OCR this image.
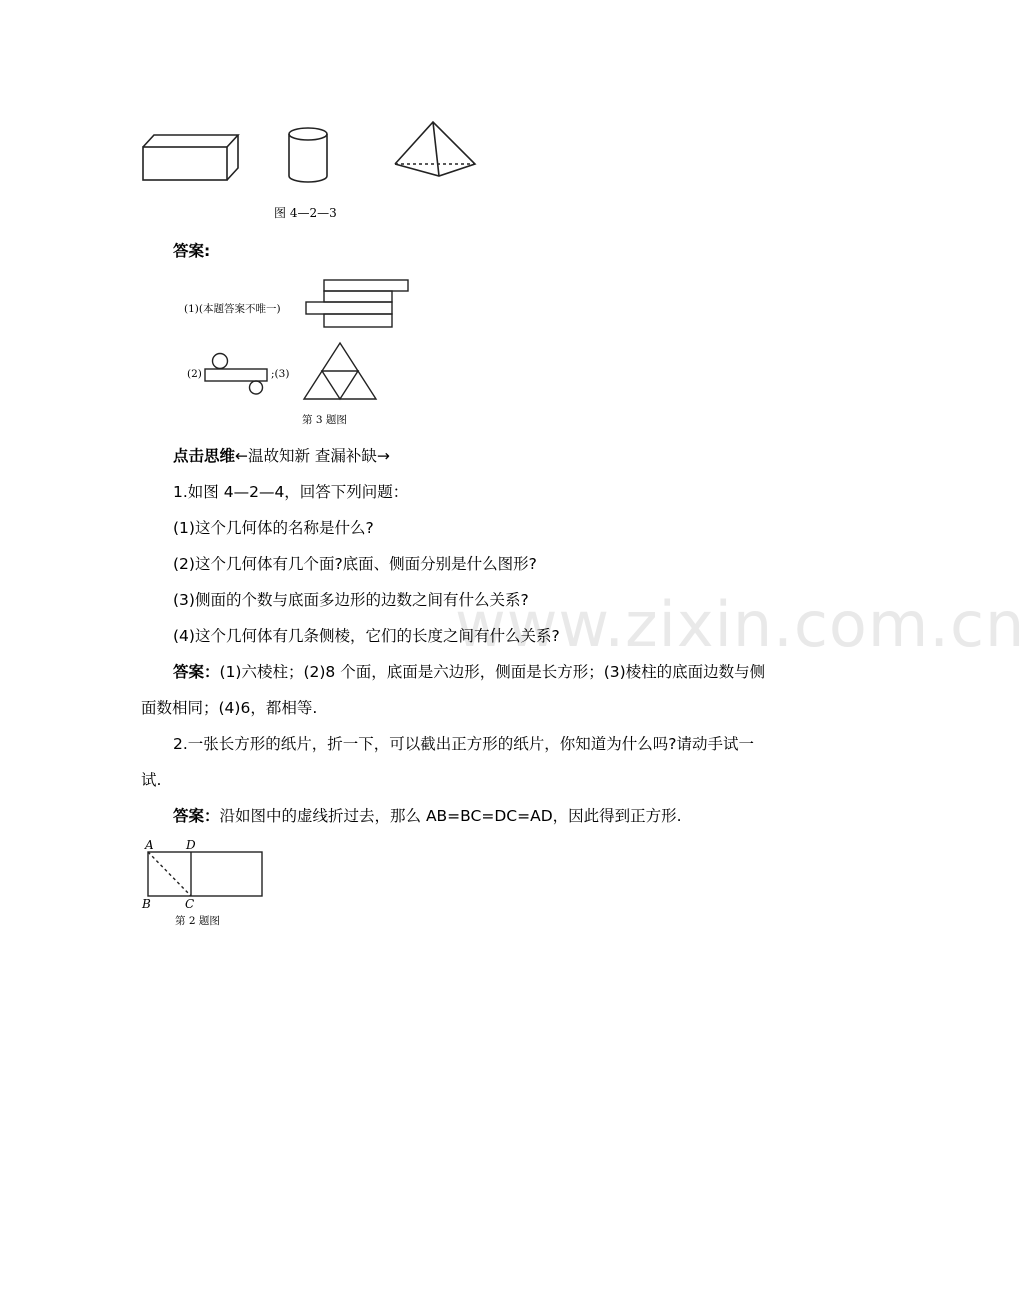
www.zixin.com.cn
图 4—2—3
答案:
(1)(本题答案不唯一)
(2)	;(3)
第 3 题图
点击思维←温故知新 查漏补缺→
1.如图 4—2—4，回答下列问题：
(1)这个几何体的名称是什么?
(2)这个几何体有几个面?底面、侧面分别是什么图形?
(3)侧面的个数与底面多边形的边数之间有什么关系?
(4)这个几何体有几条侧棱，它们的长度之间有什么关系?
答案：(1)六棱柱；(2)8 个面，底面是六边形，侧面是长方形；(3)棱柱的底面边数与侧
面数相同；(4)6，都相等.
2.一张长方形的纸片，折一下，可以截出正方形的纸片，你知道为什么吗?请动手试一
试.
答案：沿如图中的虚线折过去，那么 AB=BC=DC=AD，因此得到正方形.
A	D
B	C
第 2 题图
